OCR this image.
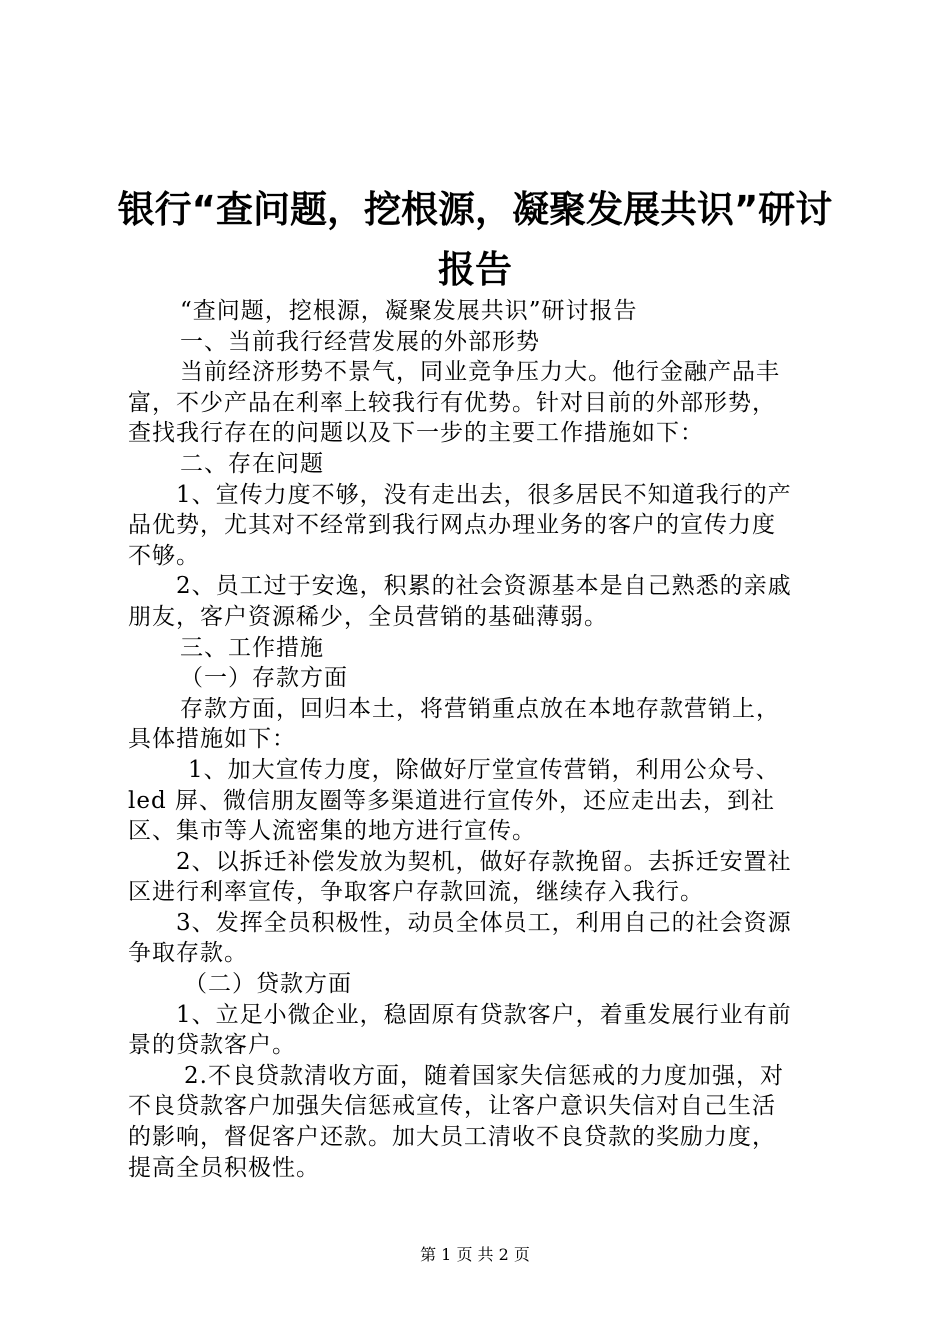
银行“查问题，挖根源，凝聚发展共识”研讨
报告
“查问题，挖根源，凝聚发展共识”研讨报告
一、当前我行经营发展的外部形势
当前经济形势不景气，同业竞争压力大。他行金融产品丰
富，不少产品在利率上较我行有优势。针对目前的外部形势，
查找我行存在的问题以及下一步的主要工作措施如下：
二、存在问题
1、宣传力度不够，没有走出去，很多居民不知道我行的产
品优势，尤其对不经常到我行网点办理业务的客户的宣传力度
不够。
2、员工过于安逸，积累的社会资源基本是自己熟悉的亲戚
朋友，客户资源稀少，全员营销的基础薄弱。
三、工作措施
（一）存款方面
存款方面，回归本土，将营销重点放在本地存款营销上，
具体措施如下：
1、加大宣传力度，除做好厅堂宣传营销，利用公众号、
led 屏、微信朋友圈等多渠道进行宣传外，还应走出去，到社
区、集市等人流密集的地方进行宣传。
2、以拆迁补偿发放为契机，做好存款挽留。去拆迁安置社
区进行利率宣传，争取客户存款回流，继续存入我行。
3、发挥全员积极性，动员全体员工，利用自己的社会资源
争取存款。
（二）贷款方面
1、立足小微企业，稳固原有贷款客户，着重发展行业有前
景的贷款客户。
2.不良贷款清收方面，随着国家失信惩戒的力度加强，对
不良贷款客户加强失信惩戒宣传，让客户意识失信对自己生活
的影响，督促客户还款。加大员工清收不良贷款的奖励力度，
提高全员积极性。
第 1 页 共 2 页
